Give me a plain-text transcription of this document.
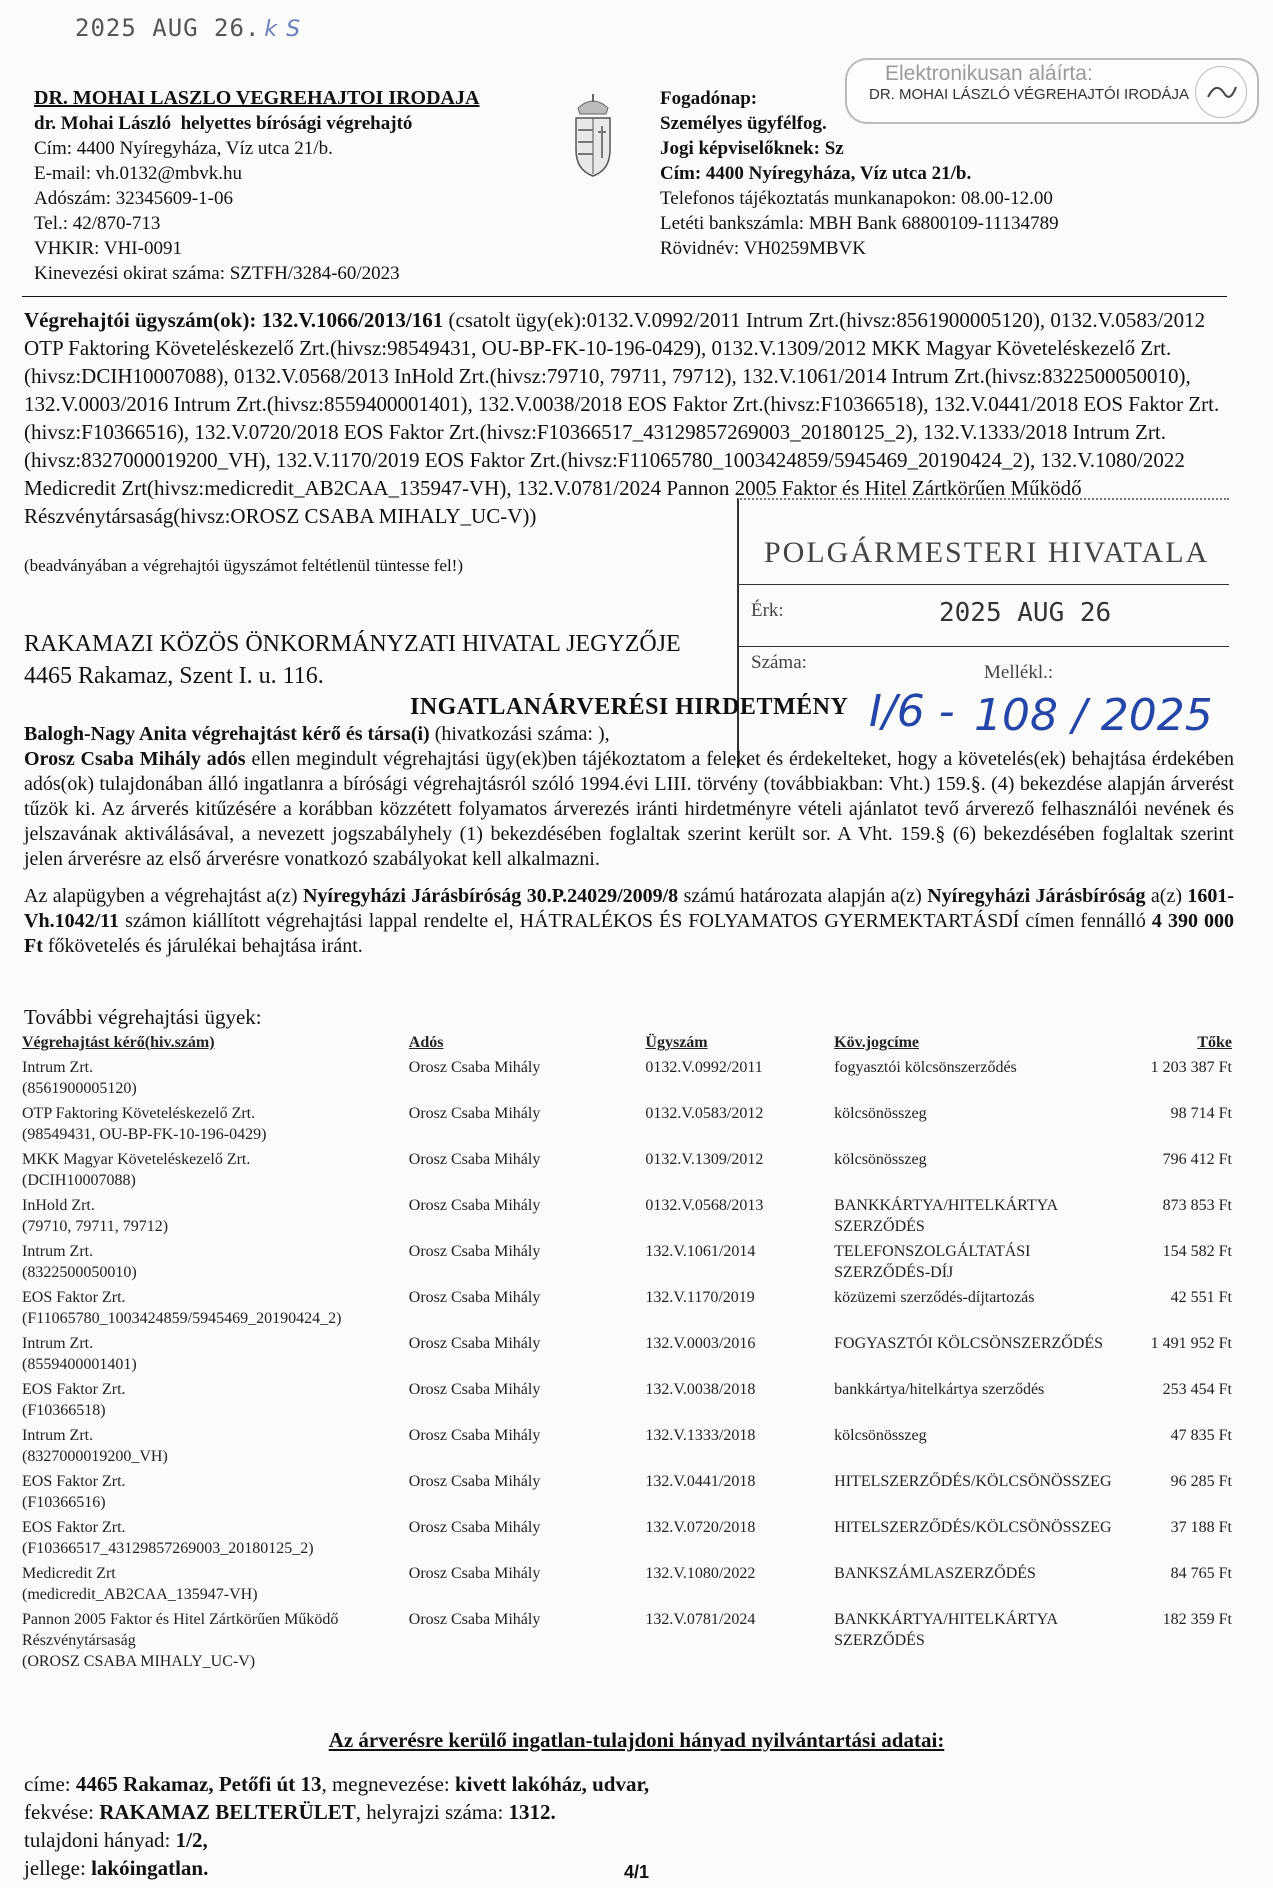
2025 AUG 26. k S
DR. MOHAI LASZLO VEGREHAJTOI IRODAJA
dr. Mohai László helyettes bírósági végrehajtó
Cím: 4400 Nyíregyháza, Víz utca 21/b.
E-mail: vh.0132@mbvk.hu
Adószám: 32345609-1-06
Tel.: 42/870-713
VHKIR: VHI-0091
Kinevezési okirat száma: SZTFH/3284-60/2023
Fogadónap:
Személyes ügyfélfog.
Jogi képviselőknek: Sz
Cím: 4400 Nyíregyháza, Víz utca 21/b.
Telefonos tájékoztatás munkanapokon: 08.00-12.00
Letéti bankszámla: MBH Bank 68800109-11134789
Rövidnév: VH0259MBVK
Elektronikusan aláírta:
DR. MOHAI LÁSZLÓ VÉGREHAJTÓI IRODÁJA
Végrehajtói ügyszám(ok): 132.V.1066/2013/161 (csatolt ügy(ek):0132.V.0992/2011 Intrum Zrt.(hivsz:8561900005120), 0132.V.0583/2012 OTP Faktoring Követeléskezelő Zrt.(hivsz:98549431, OU-BP-FK-10-196-0429), 0132.V.1309/2012 MKK Magyar Követeléskezelő Zrt.(hivsz:DCIH10007088), 0132.V.0568/2013 InHold Zrt.(hivsz:79710, 79711, 79712), 132.V.1061/2014 Intrum Zrt.(hivsz:8322500050010), 132.V.0003/2016 Intrum Zrt.(hivsz:8559400001401), 132.V.0038/2018 EOS Faktor Zrt.(hivsz:F10366518), 132.V.0441/2018 EOS Faktor Zrt.(hivsz:F10366516), 132.V.0720/2018 EOS Faktor Zrt.(hivsz:F10366517_43129857269003_20180125_2), 132.V.1333/2018 Intrum Zrt.(hivsz:8327000019200_VH), 132.V.1170/2019 EOS Faktor Zrt.(hivsz:F11065780_1003424859/5945469_20190424_2), 132.V.1080/2022 Medicredit Zrt(hivsz:medicredit_AB2CAA_135947-VH), 132.V.0781/2024 Pannon 2005 Faktor és Hitel Zártkörűen Működő Részvénytársaság(hivsz:OROSZ CSABA MIHALY_UC-V))
(beadványában a végrehajtói ügyszámot feltétlenül tüntesse fel!)	POLGÁRMESTERI HIVATALA
Érk:	2025 AUG 26
Száma:	Mellékl.:
I/6 - 108 / 2025
RAKAMAZI KÖZÖS ÖNKORMÁNYZATI HIVATAL JEGYZŐJE
4465 Rakamaz, Szent I. u. 116.
INGATLANÁRVERÉSI HIRDETMÉNY

Balogh-Nagy Anita végrehajtást kérő és társa(i) (hivatkozási száma: ),

Orosz Csaba Mihály adós ellen megindult végrehajtási ügy(ek)ben tájékoztatom a feleket és érdekelteket, hogy a követelés(ek) behajtása érdekében adós(ok) tulajdonában álló ingatlanra a bírósági végrehajtásról szóló 1994.évi LIII. törvény (továbbiakban: Vht.) 159.§. (4) bekezdése alapján árverést tűzök ki. Az árverés kitűzésére a korábban közzétett folyamatos árverezés iránti hirdetményre vételi ajánlatot tevő árverező felhasználói nevének és jelszavának aktiválásával, a nevezett jogszabályhely (1) bekezdésében foglaltak szerint került sor. A Vht. 159.§ (6) bekezdésében foglaltak szerint jelen árverésre az első árverésre vonatkozó szabályokat kell alkalmazni.

Az alapügyben a végrehajtást a(z) Nyíregyházi Járásbíróság 30.P.24029/2009/8 számú határozata alapján a(z) Nyíregyházi Járásbíróság a(z) 1601-Vh.1042/11 számon kiállított végrehajtási lappal rendelte el, HÁTRALÉKOS ÉS FOLYAMATOS GYERMEKTARTÁSDÍ címen fennálló 4 390 000 Ft főkövetelés és járulékai behajtása iránt.

További végrehajtási ügyek:
Végrehajtást kérő(hiv.szám)	Adós	Ügyszám	Köv.jogcíme	Tőke

Intrum Zrt.
(8561900005120)	Orosz Csaba Mihály	0132.V.0992/2011	fogyasztói kölcsönszerződés	1 203 387 Ft

OTP Faktoring Követeléskezelő Zrt.
(98549431, OU-BP-FK-10-196-0429)	Orosz Csaba Mihály	0132.V.0583/2012	kölcsönösszeg	98 714 Ft

MKK Magyar Követeléskezelő Zrt.
(DCIH10007088)	Orosz Csaba Mihály	0132.V.1309/2012	kölcsönösszeg	796 412 Ft

InHold Zrt.
(79710, 79711, 79712)	Orosz Csaba Mihály	0132.V.0568/2013	BANKKÁRTYA/HITELKÁRTYA SZERZŐDÉS	873 853 Ft

Intrum Zrt.
(8322500050010)	Orosz Csaba Mihály	132.V.1061/2014	TELEFONSZOLGÁLTATÁSI SZERZŐDÉS-DÍJ	154 582 Ft

EOS Faktor Zrt.
(F11065780_1003424859/5945469_20190424_2)	Orosz Csaba Mihály	132.V.1170/2019	közüzemi szerződés-díjtartozás	42 551 Ft

Intrum Zrt.
(8559400001401)	Orosz Csaba Mihály	132.V.0003/2016	FOGYASZTÓI KÖLCSÖNSZERZŐDÉS	1 491 952 Ft

EOS Faktor Zrt.
(F10366518)	Orosz Csaba Mihály	132.V.0038/2018	bankkártya/hitelkártya szerződés	253 454 Ft

Intrum Zrt.
(8327000019200_VH)	Orosz Csaba Mihály	132.V.1333/2018	kölcsönösszeg	47 835 Ft

EOS Faktor Zrt.
(F10366516)	Orosz Csaba Mihály	132.V.0441/2018	HITELSZERZŐDÉS/KÖLCSÖNÖSSZEG	96 285 Ft

EOS Faktor Zrt.
(F10366517_43129857269003_20180125_2)	Orosz Csaba Mihály	132.V.0720/2018	HITELSZERZŐDÉS/KÖLCSÖNÖSSZEG	37 188 Ft

Medicredit Zrt
(medicredit_AB2CAA_135947-VH)	Orosz Csaba Mihály	132.V.1080/2022	BANKSZÁMLASZERZŐDÉS	84 765 Ft

Pannon 2005 Faktor és Hitel Zártkörűen Működő Részvénytársaság
(OROSZ CSABA MIHALY_UC-V)	Orosz Csaba Mihály	132.V.0781/2024	BANKKÁRTYA/HITELKÁRTYA SZERZŐDÉS	182 359 Ft
Az árverésre kerülő ingatlan-tulajdoni hányad nyilvántartási adatai:
címe: 4465 Rakamaz, Petőfi út 13, megnevezése: kivett lakóház, udvar,
fekvése: RAKAMAZ BELTERÜLET, helyrajzi száma: 1312.
tulajdoni hányad: 1/2,
jellege: lakóingatlan.	4/1
